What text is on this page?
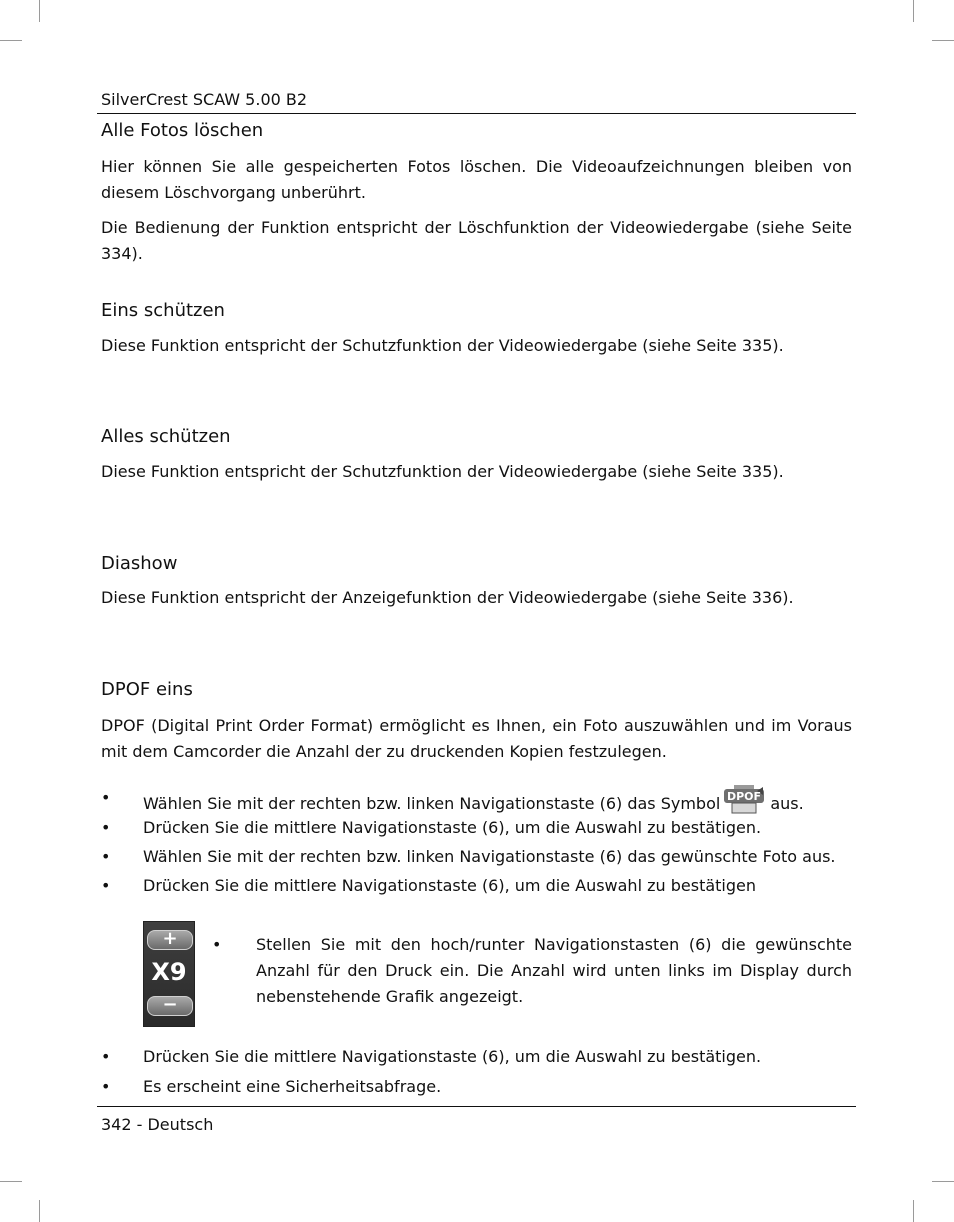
SilverCrest SCAW 5.00 B2
Alle Fotos löschen
Hier können Sie alle gespeicherten Fotos löschen. Die Videoaufzeichnungen bleiben von diesem Löschvorgang unberührt.
Die Bedienung der Funktion entspricht der Löschfunktion der Videowiedergabe (siehe Seite 334).
Eins schützen
Diese Funktion entspricht der Schutzfunktion der Videowiedergabe (siehe Seite 335).
Alles schützen
Diese Funktion entspricht der Schutzfunktion der Videowiedergabe (siehe Seite 335).
Diashow
Diese Funktion entspricht der Anzeigefunktion der Videowiedergabe (siehe Seite 336).
DPOF eins
DPOF (Digital Print Order Format) ermöglicht es Ihnen, ein Foto auszuwählen und im Voraus mit dem Camcorder die Anzahl der zu druckenden Kopien festzulegen.
• Wählen Sie mit der rechten bzw. linken Navigationstaste (6) das Symbol DPOF aus.
• Drücken Sie die mittlere Navigationstaste (6), um die Auswahl zu bestätigen.
• Wählen Sie mit der rechten bzw. linken Navigationstaste (6) das gewünschte Foto aus.
• Drücken Sie die mittlere Navigationstaste (6), um die Auswahl zu bestätigen
+
X9
−
• Stellen Sie mit den hoch/runter Navigationstasten (6) die gewünschte Anzahl für den Druck ein. Die Anzahl wird unten links im Display durch nebenstehende Grafik angezeigt.
• Drücken Sie die mittlere Navigationstaste (6), um die Auswahl zu bestätigen.
• Es erscheint eine Sicherheitsabfrage.
342 - Deutsch
